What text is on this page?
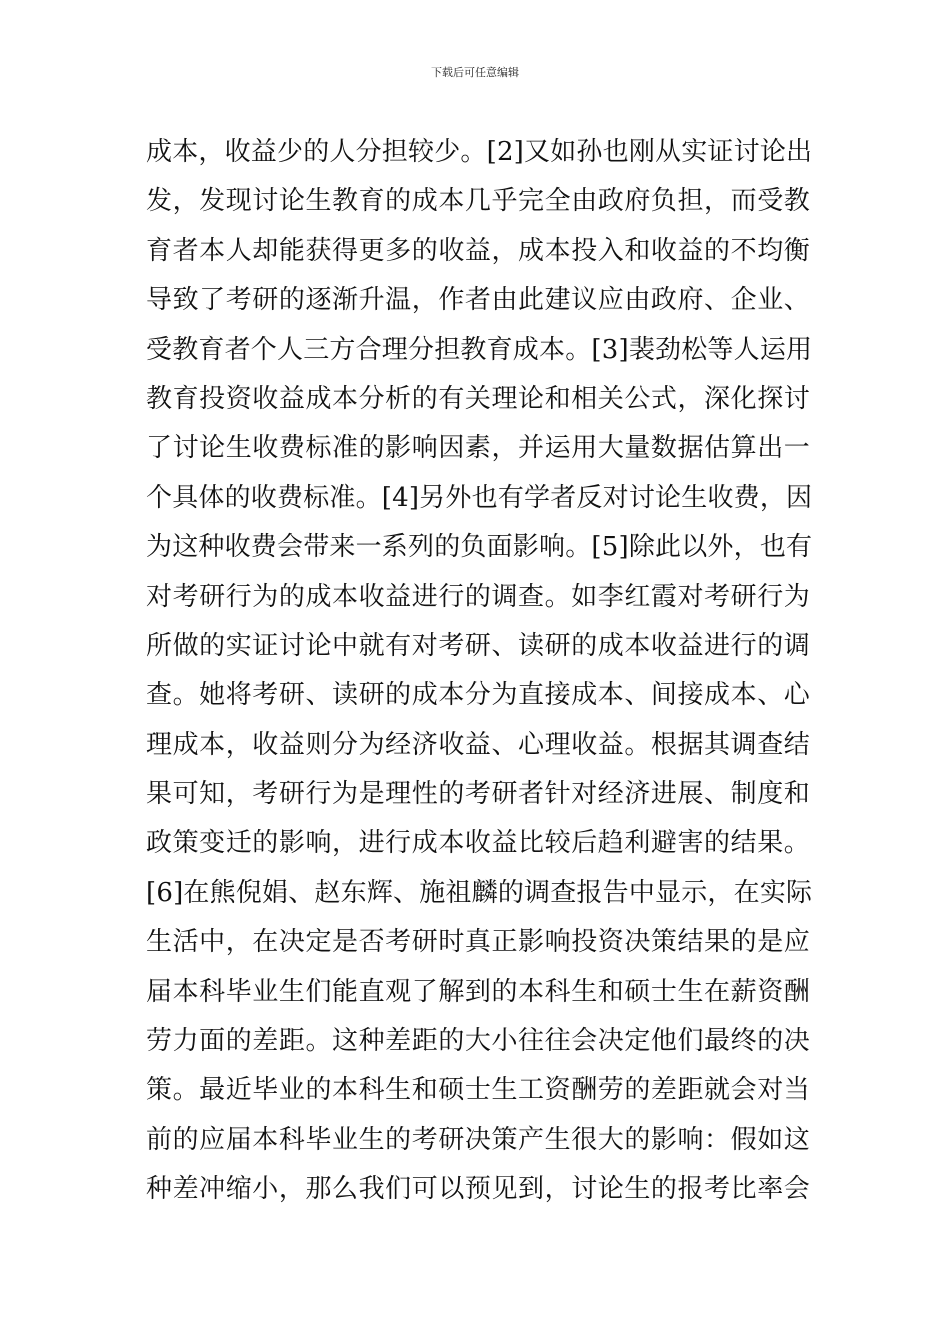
下载后可任意编辑
成本，收益少的人分担较少。[2]又如孙也刚从实证讨论出
发，发现讨论生教育的成本几乎完全由政府负担，而受教
育者本人却能获得更多的收益，成本投入和收益的不均衡
导致了考研的逐渐升温，作者由此建议应由政府、企业、
受教育者个人三方合理分担教育成本。[3]裴劲松等人运用
教育投资收益成本分析的有关理论和相关公式，深化探讨
了讨论生收费标准的影响因素，并运用大量数据估算出一
个具体的收费标准。[4]另外也有学者反对讨论生收费，因
为这种收费会带来一系列的负面影响。[5]除此以外，也有
对考研行为的成本收益进行的调查。如李红霞对考研行为
所做的实证讨论中就有对考研、读研的成本收益进行的调
查。她将考研、读研的成本分为直接成本、间接成本、心
理成本，收益则分为经济收益、心理收益。根据其调查结
果可知，考研行为是理性的考研者针对经济进展、制度和
政策变迁的影响，进行成本收益比较后趋利避害的结果。
[6]在熊倪娟、赵东辉、施祖麟的调查报告中显示，在实际
生活中，在决定是否考研时真正影响投资决策结果的是应
届本科毕业生们能直观了解到的本科生和硕士生在薪资酬
劳力面的差距。这种差距的大小往往会决定他们最终的决
策。最近毕业的本科生和硕士生工资酬劳的差距就会对当
前的应届本科毕业生的考研决策产生很大的影响：假如这
种差冲缩小，那么我们可以预见到，讨论生的报考比率会
